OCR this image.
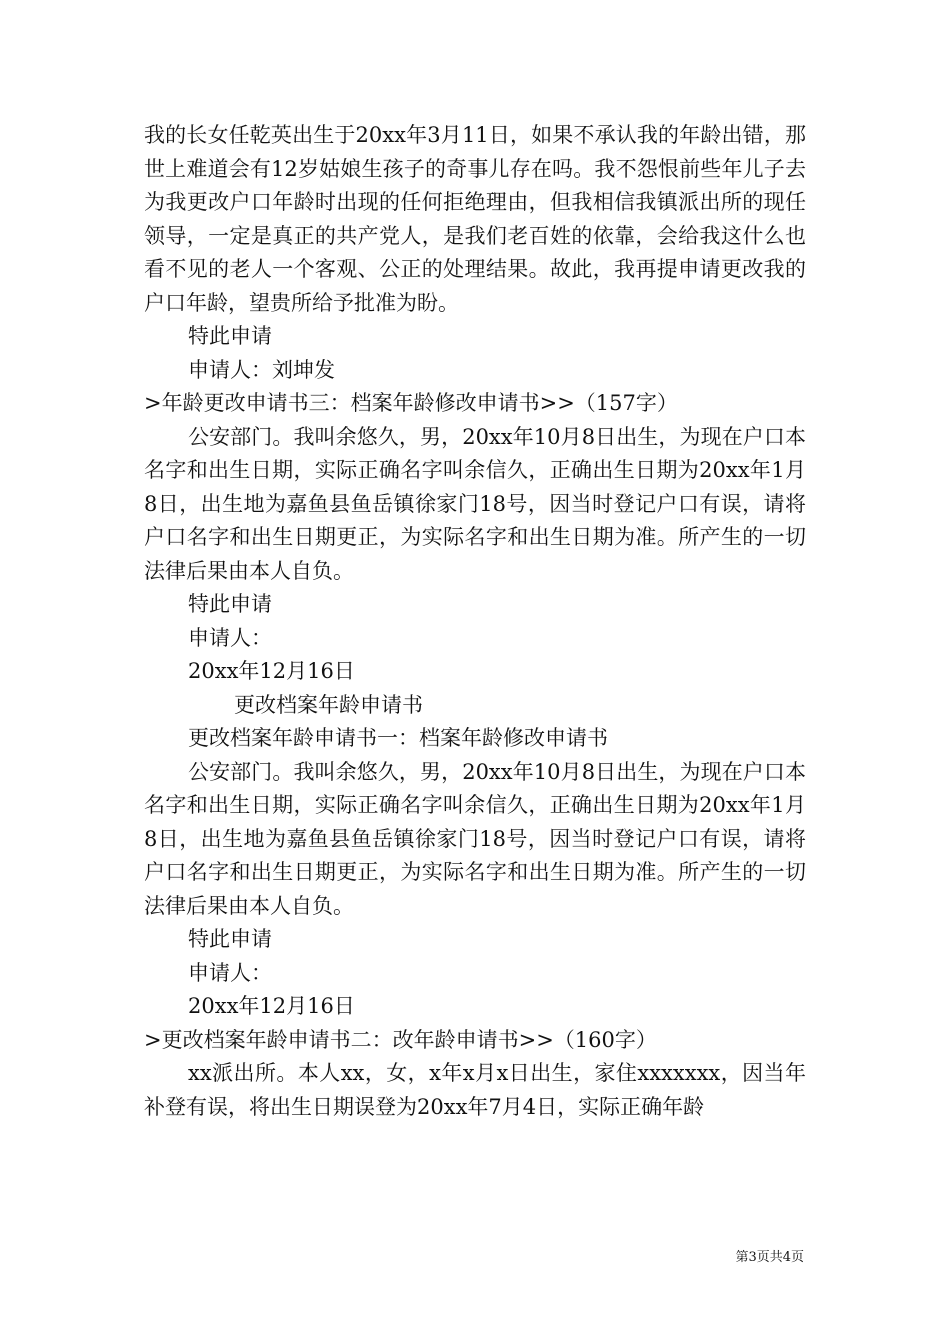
我的长女任乾英出生于20xx年3月11日，如果不承认我的年龄出错，那世上难道会有12岁姑娘生孩子的奇事儿存在吗。我不怨恨前些年儿子去为我更改户口年龄时出现的任何拒绝理由，但我相信我镇派出所的现任领导，一定是真正的共产党人，是我们老百姓的依靠，会给我这什么也看不见的老人一个客观、公正的处理结果。故此，我再提申请更改我的户口年龄，望贵所给予批准为盼。

特此申请

申请人：刘坤发

>年龄更改申请书三：档案年龄修改申请书>>（157字）

公安部门。我叫余悠久，男，20xx年10月8日出生，为现在户口本名字和出生日期，实际正确名字叫余信久，正确出生日期为20xx年1月8日，出生地为嘉鱼县鱼岳镇徐家门18号，因当时登记户口有误，请将户口名字和出生日期更正，为实际名字和出生日期为准。所产生的一切法律后果由本人自负。

特此申请

申请人：

20xx年12月16日

更改档案年龄申请书

更改档案年龄申请书一：档案年龄修改申请书

公安部门。我叫余悠久，男，20xx年10月8日出生，为现在户口本名字和出生日期，实际正确名字叫余信久，正确出生日期为20xx年1月8日，出生地为嘉鱼县鱼岳镇徐家门18号，因当时登记户口有误，请将户口名字和出生日期更正，为实际名字和出生日期为准。所产生的一切法律后果由本人自负。

特此申请

申请人：

20xx年12月16日

>更改档案年龄申请书二：改年龄申请书>>（160字）

xx派出所。本人xx，女，x年x月x日出生，家住xxxxxxx，因当年补登有误，将出生日期误登为20xx年7月4日，实际正确年龄

第3页共4页
